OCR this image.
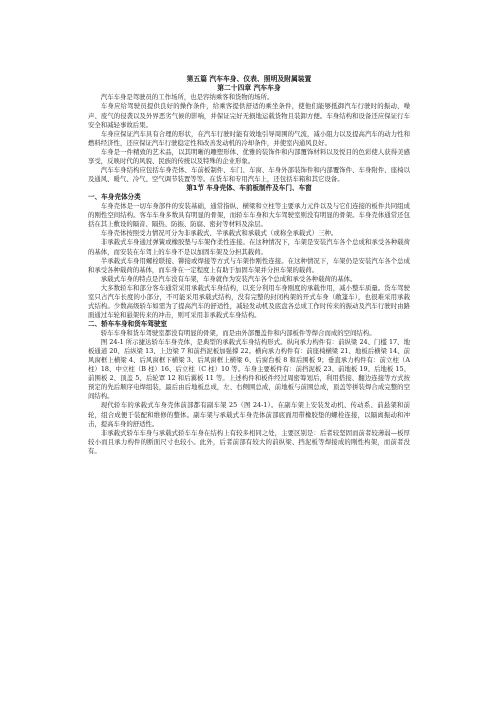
第五篇 汽车车身、仪表、照明及附属装置
第二十四章 汽车车身

汽车车身是驾驶员的工作场所，也是容纳乘客和货物的场所。

车身应给驾驶员提供良好的操作条件，给乘客提供舒适的乘坐条件，使他们能够抵御汽车行驶时的振动、噪声、废气的侵袭以及外界恶劣气候的影响，并保证完好无损地运载货物且装卸方便。车身结构和设备还应保证行车安全和减轻事故后果。

车身应保证汽车具有合理的形状，在汽车行驶时能有效地引导周围的气流，减小阻力以及提高汽车的动力性和燃料经济性，还应保证汽车行驶稳定性和改善发动机的冷却条件，并使室内通风良好。

车身是一件精致的艺术品，以其明晰的雕塑形体、优雅的装饰件和内部覆饰材料以及悦目的色彩使人获得美感享受，反映时代的风貌、民族的传统以及特殊的企业形象。

汽车车身结构应包括车身壳体、车前板制件、车门、车窗、车身外部装饰件和内部覆饰件、车身附件、座椅以及通风、暖气、冷气、空气调节装置等等。在货车和专用汽车上，还包括车箱和其它设备。

第1节 车身壳体、车前板制件及车门、车窗
一、车身壳体分类

车身壳体是一切车身部件的安装基础，通常指纵、横梁和立柱等主要承力元件以及与它们连接的板件共同组成的刚性空间结构。客车车身多数具有明显的骨架，而轿车车身和大车驾驶室则没有明显的骨架。车身壳体通常还包括在其上敷设的隔音、隔热、防振、防腐、密封等材料及涂层。

车身壳体按照受力情况可分为非承载式、半承载式和承载式（或称全承载式）三种。

非承载式车身通过弹簧或橡胶垫与车架作柔性连接。在这种情况下，车架是安装汽车各个总成和承受各种载荷的基体，而安装在车驾上的车身不是以加固车架及分担其载荷。

半承载式车身用螺栓联接、铆接或焊接等方式与车架作刚性连接。在这种情况下，车架仍是安装汽车各个总成和承受各种载荷的基体，而车身在一定程度上有助于加固车架并分担车架的载荷。

承载式车身的特点是汽车没有车架，车身就作为安装汽车各个总成和承受各种载荷的基体。

大多数轿车和部分客车通常采用承载式车身结构，以充分利用车身刚度的承载作用，减小整车质量。货车驾驶室只占汽车长度的小部分，不可能采用承载式结构，没有完整的封闭构架的开式车身（敞篷车），也很难采用承载式结构。少数高级轿车如需为了提高汽车的舒适性，减轻发动机及底盘各总成工作时传来的振动及汽车行驶时由路面通过车轮和悬架传来的冲击，则可采用非承载式车身结构。

二、轿车车身和货车驾驶室

轿车车身和货车驾驶室都没有明显的骨架，而是由外部覆盖件和内部板件等焊合而成的空间结构。

图 24-1 所示捷达轿车车身壳体，是典型的承载式车身结构形式。纵向承力构件有：前纵梁 24、门槛 17、地板通道 20、后纵梁 13、上边梁 7 和前挡泥板加强撑 22。横向承力构件有：前座椅横梁 21、地板后横梁 14、前风窗框上横梁 4、后风窗框下横梁 3、后风窗框上横梁 6、后窗台板 8 和后围板 9；垂直承力构件有：前立柱（A 柱）18、中立柱（B 柱）16、后立柱（C 柱）10 等。车身主要板件有：前挡泥板 23、前地板 19、后地板 15、前围板 2、顶盖 5、后轮罩 12 和后翼板 11 等。上述构件和板件经过周密筹划后，利用搭接、翻边连接等方式按预定的先后顺序电焊组装，最后由后地板总成，左、右侧围总成，前地板与前围总成，顶盖等拼装焊合成完整的空间结构。

现代轿车的承载式车身壳体前部都有副车架 25（图 24-1）。在副车架上安装发动机、传动系、前悬架和前轮，组合成便于装配和维修的整体。副车架与承载式车身壳体前部底面用带橡胶垫的螺栓连接，以隔离振动和冲击，提高车身的舒适性。

非承载式轿车车身与承载式轿车车身在结构上有较多相同之处，主要区别是：后者较坚固而前者较薄弱—板厚较小而且承力构件的断面尺寸也较小。此外，后者前部有较大的前纵梁、挡泥板等焊接成的刚性构架，而前者没有。
